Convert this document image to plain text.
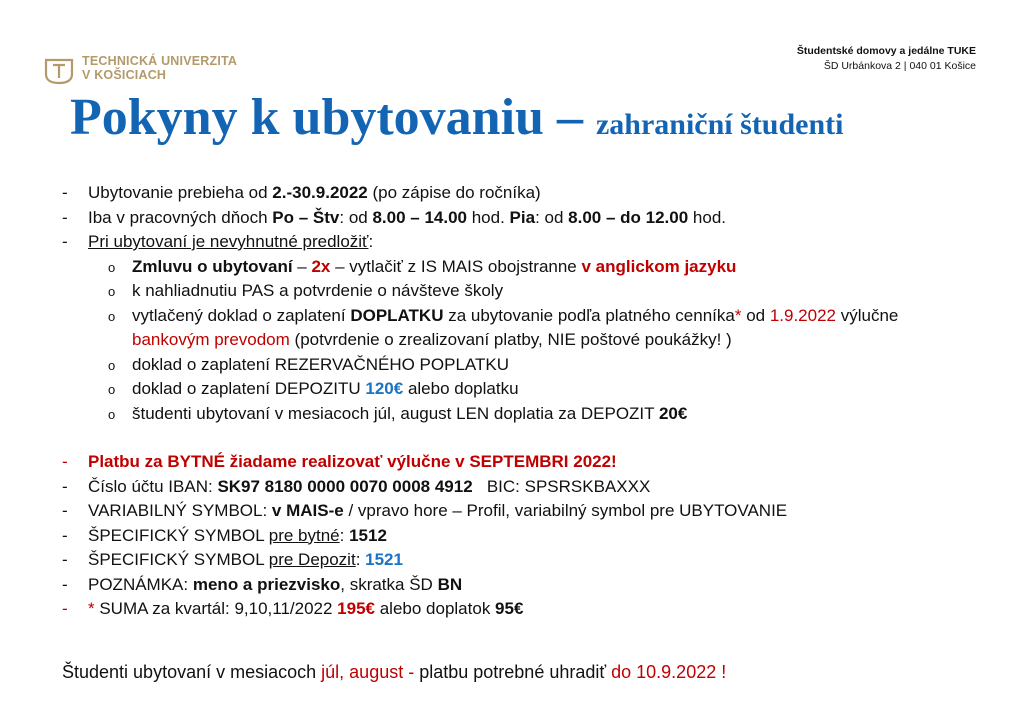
TECHNICKÁ UNIVERZITA
V KOŠICIACH
Študentské domovy a jedálne TUKE
ŠD Urbánkova 2 | 040 01 Košice
Pokyny k ubytovaniu – zahraniční študenti
- Ubytovanie prebieha od 2.-30.9.2022 (po zápise do ročníka)
- Iba v pracovných dňoch Po – Štv: od 8.00 – 14.00 hod. Pia: od 8.00 – do 12.00 hod.
- Pri ubytovaní je nevyhnutné predložiť:
o Zmluvu o ubytovaní – 2x – vytlačiť z IS MAIS obojstranne v anglickom jazyku
o k nahliadnutiu PAS a potvrdenie o návšteve školy
o vytlačený doklad o zaplatení DOPLATKU za ubytovanie podľa platného cenníka* od 1.9.2022 výlučne
bankovým prevodom (potvrdenie o zrealizovaní platby, NIE poštové poukážky! )
o doklad o zaplatení REZERVAČNÉHO POPLATKU
o doklad o zaplatení DEPOZITU 120€ alebo doplatku
o študenti ubytovaní v mesiacoch júl, august LEN doplatia za DEPOZIT 20€
- Platbu za BYTNÉ žiadame realizovať výlučne v SEPTEMBRI 2022!
- Číslo účtu IBAN: SK97 8180 0000 0070 0008 4912   BIC: SPSRSKBAXXX
- VARIABILNÝ SYMBOL: v MAIS-e / vpravo hore – Profil, variabilný symbol pre UBYTOVANIE
- ŠPECIFICKÝ SYMBOL pre bytné: 1512
- ŠPECIFICKÝ SYMBOL pre Depozit: 1521
- POZNÁMKA: meno a priezvisko, skratka ŠD BN
- * SUMA za kvartál: 9,10,11/2022 195€ alebo doplatok 95€
Študenti ubytovaní v mesiacoch júl, august - platbu potrebné uhradiť do 10.9.2022 !
